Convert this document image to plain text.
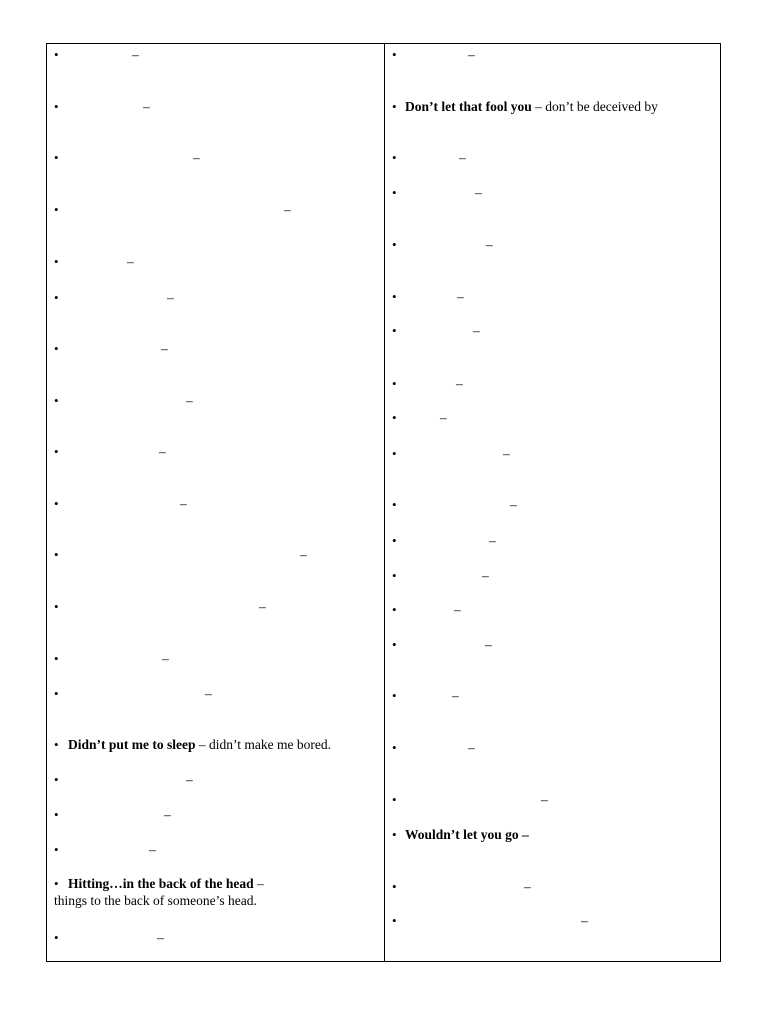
•	–
•	–
•	–
•	–
•	–
•	–
•	–
•	–
•	–
•	–
•	–
•	–
•	–
•	–
• Didn’t put me to sleep – didn’t make me bored.
•	–
•	–
•	–
• Hitting…in the back of the head –
things to the back of someone’s head.
•	–
•	–
• Don’t let that fool you – don’t be deceived by
•	–
•	–
•	–
•	–
•	–
•	–
•	–
•	–
•	–
•	–
•	–
•	–
•	–
•	–
•	–
•	–
• Wouldn’t let you go –
•	–
•	–
